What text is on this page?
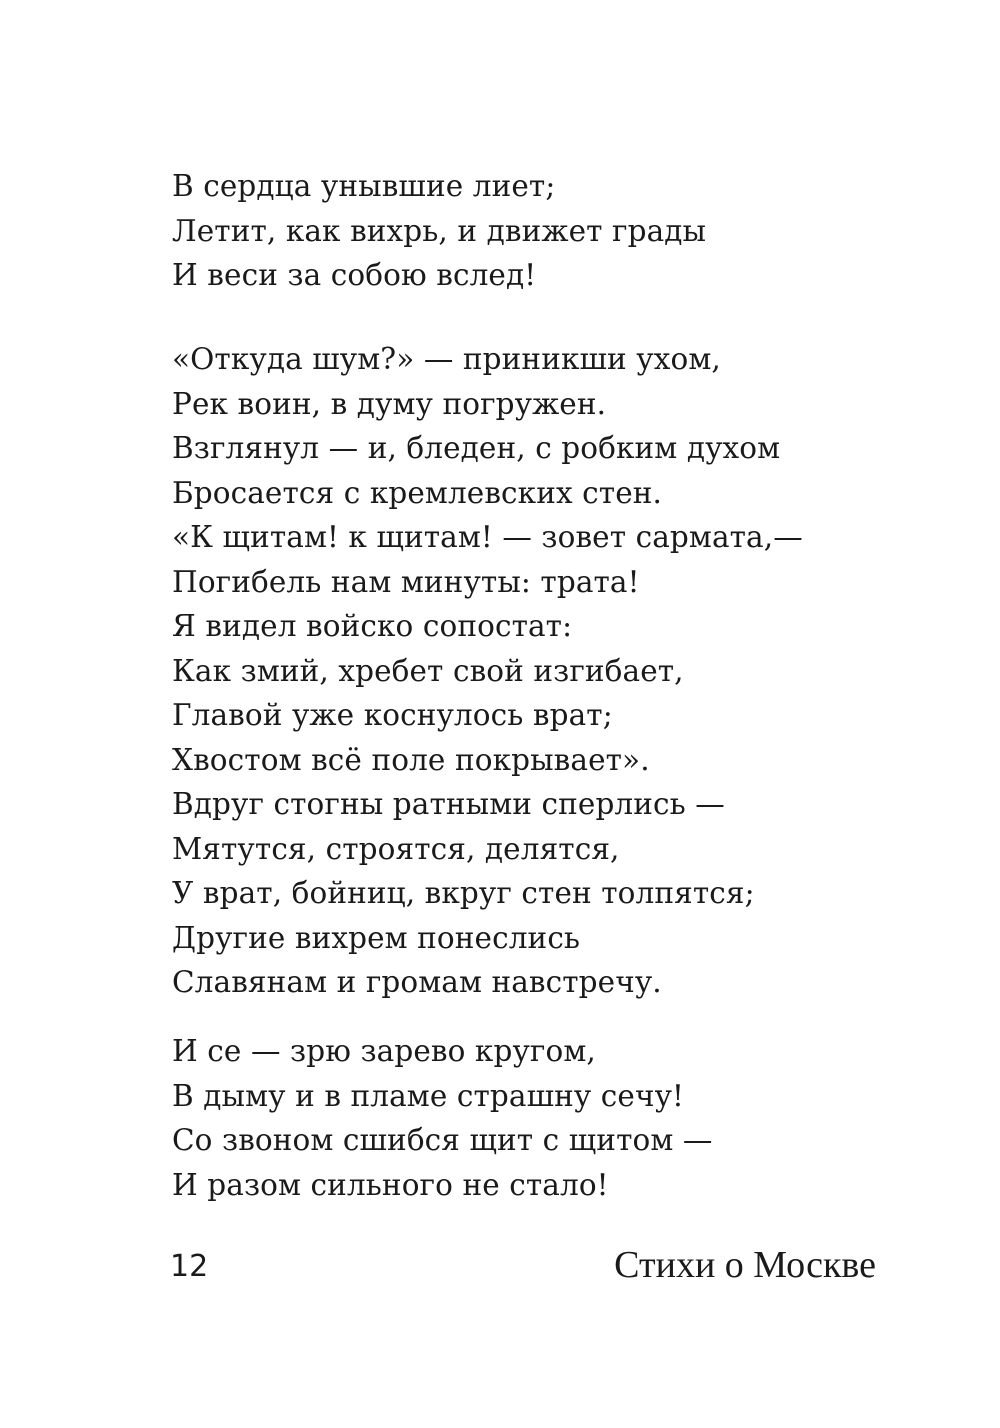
В сердца унывшие лиет;
Летит, как вихрь, и движет грады
И веси за собою вслед!
«Откуда шум?» — приникши ухом,
Рек воин, в думу погружен.
Взглянул — и, бледен, с робким духом
Бросается с кремлевских стен.
«К щитам! к щитам! — зовет сармата,—
Погибель нам минуты: трата!
Я видел войско сопостат:
Как змий, хребет свой изгибает,
Главой уже коснулось врат;
Хвостом всё поле покрывает».
Вдруг стогны ратными сперлись —
Мятутся, строятся, делятся,
У врат, бойниц, вкруг стен толпятся;
Другие вихрем понеслись
Славянам и громам навстречу.
И се — зрю зарево кругом,
В дыму и в пламе страшну сечу!
Со звоном сшибся щит с щитом —
И разом сильного не стало!
12	Стихи о Москве
